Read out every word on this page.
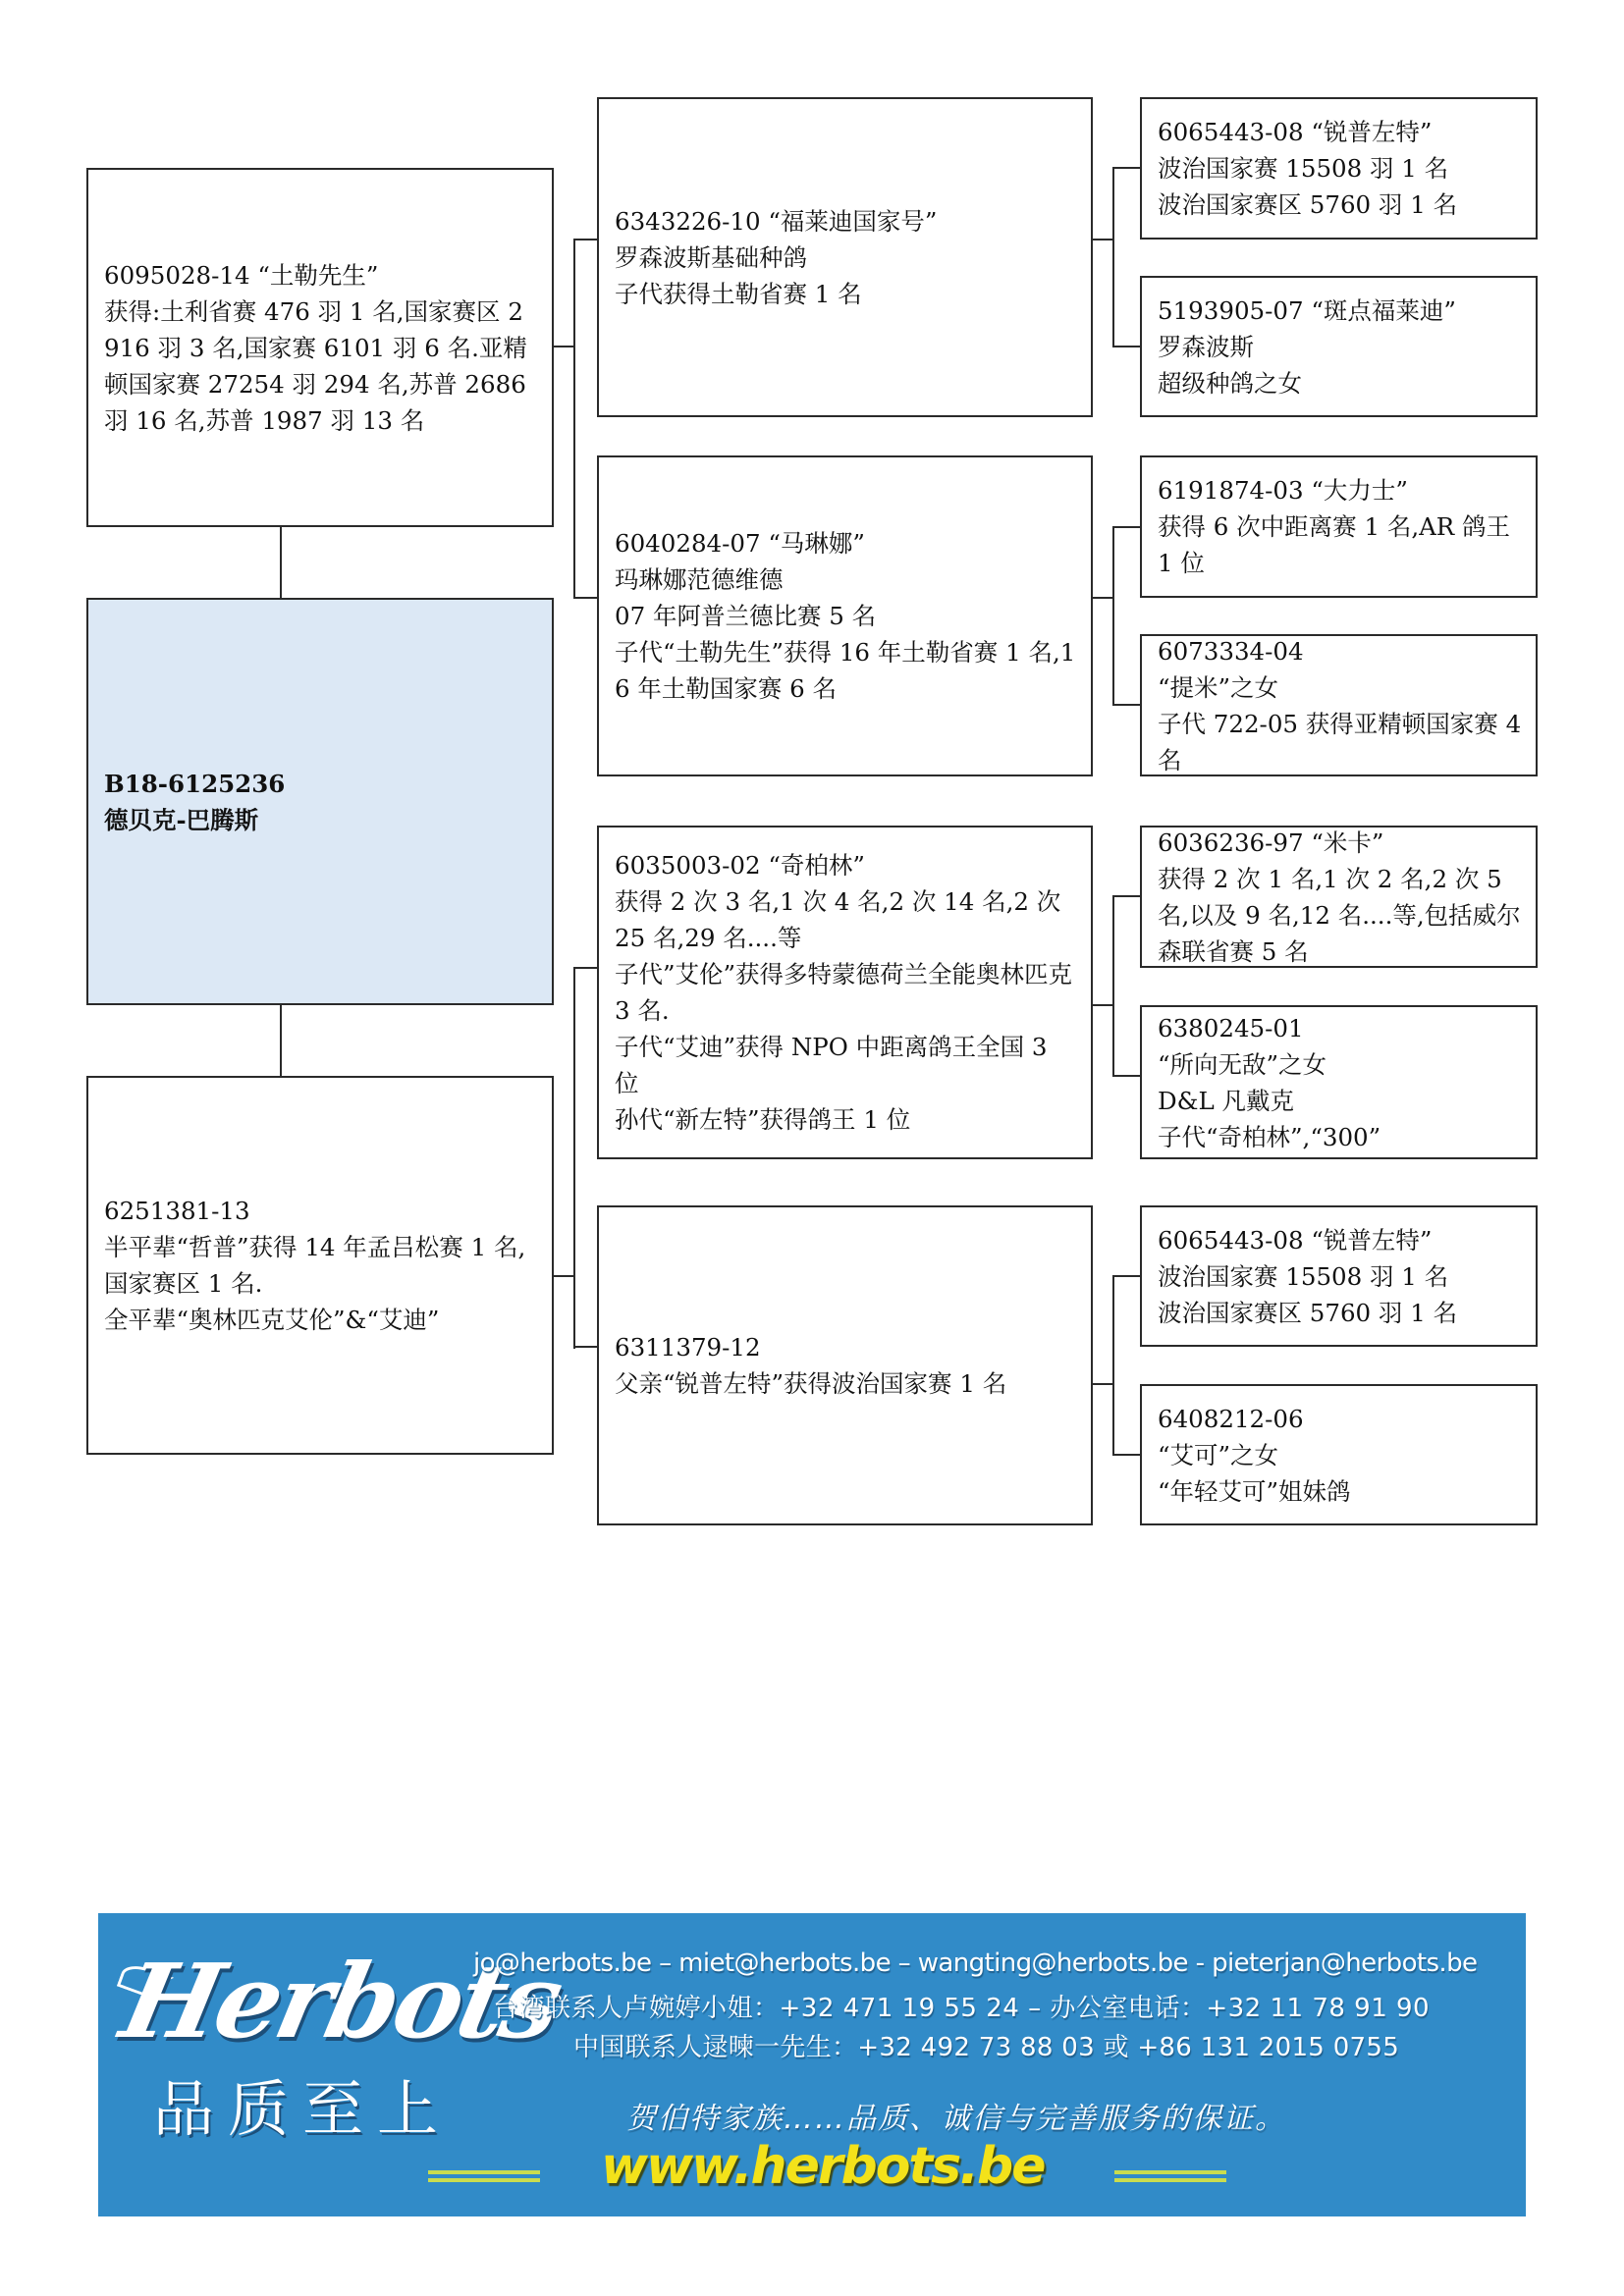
6095028-14 “土勒先生”
获得:土利省赛 476 羽 1 名,国家赛区 2916 羽 3 名,国家赛 6101 羽 6 名.亚精顿国家赛 27254 羽 294 名,苏普 2686 羽 16 名,苏普 1987 羽 13 名
B18-6125236
德贝克-巴腾斯
6251381-13
半平辈“哲普”获得 14 年孟吕松赛 1 名,国家赛区 1 名.
全平辈“奥林匹克艾伦”&“艾迪”
6343226-10 “福莱迪国家号”
罗森波斯基础种鸽
子代获得土勒省赛 1 名
6040284-07 “马琳娜”
玛琳娜范德维德
07 年阿普兰德比赛 5 名
子代“土勒先生”获得 16 年土勒省赛 1 名,16 年土勒国家赛 6 名
6035003-02 “奇柏林”
获得 2 次 3 名,1 次 4 名,2 次 14 名,2 次 25 名,29 名....等
子代”艾伦”获得多特蒙德荷兰全能奥林匹克 3 名.
子代“艾迪”获得 NPO 中距离鸽王全国 3 位
孙代“新左特”获得鸽王 1 位
6311379-12
父亲“锐普左特”获得波治国家赛 1 名
6065443-08 “锐普左特”
波治国家赛 15508 羽 1 名
波治国家赛区 5760 羽 1 名
5193905-07 “斑点福莱迪”
罗森波斯
超级种鸽之女
6191874-03 “大力士”
获得 6 次中距离赛 1 名,AR 鸽王 1 位
6073334-04
“提米”之女
子代 722-05 获得亚精顿国家赛 4 名
6036236-97 “米卡”
获得 2 次 1 名,1 次 2 名,2 次 5 名,以及 9 名,12 名....等,包括威尔森联省赛 5 名
6380245-01
“所向无敌”之女
D&L 凡戴克
子代“奇柏林”,“300”
6065443-08 “锐普左特”
波治国家赛 15508 羽 1 名
波治国家赛区 5760 羽 1 名
6408212-06
“艾可”之女
“年轻艾可”姐妹鸽
Herbots
品质至上
jo@herbots.be – miet@herbots.be – wangting@herbots.be - pieterjan@herbots.be
台湾联系人卢婉婷小姐：+32 471 19 55 24 – 办公室电话：+32 11 78 91 90
中国联系人逯暕一先生：+32 492 73 88 03 或 +86 131 2015 0755
贺伯特家族……品质、诚信与完善服务的保证。
www.herbots.be
